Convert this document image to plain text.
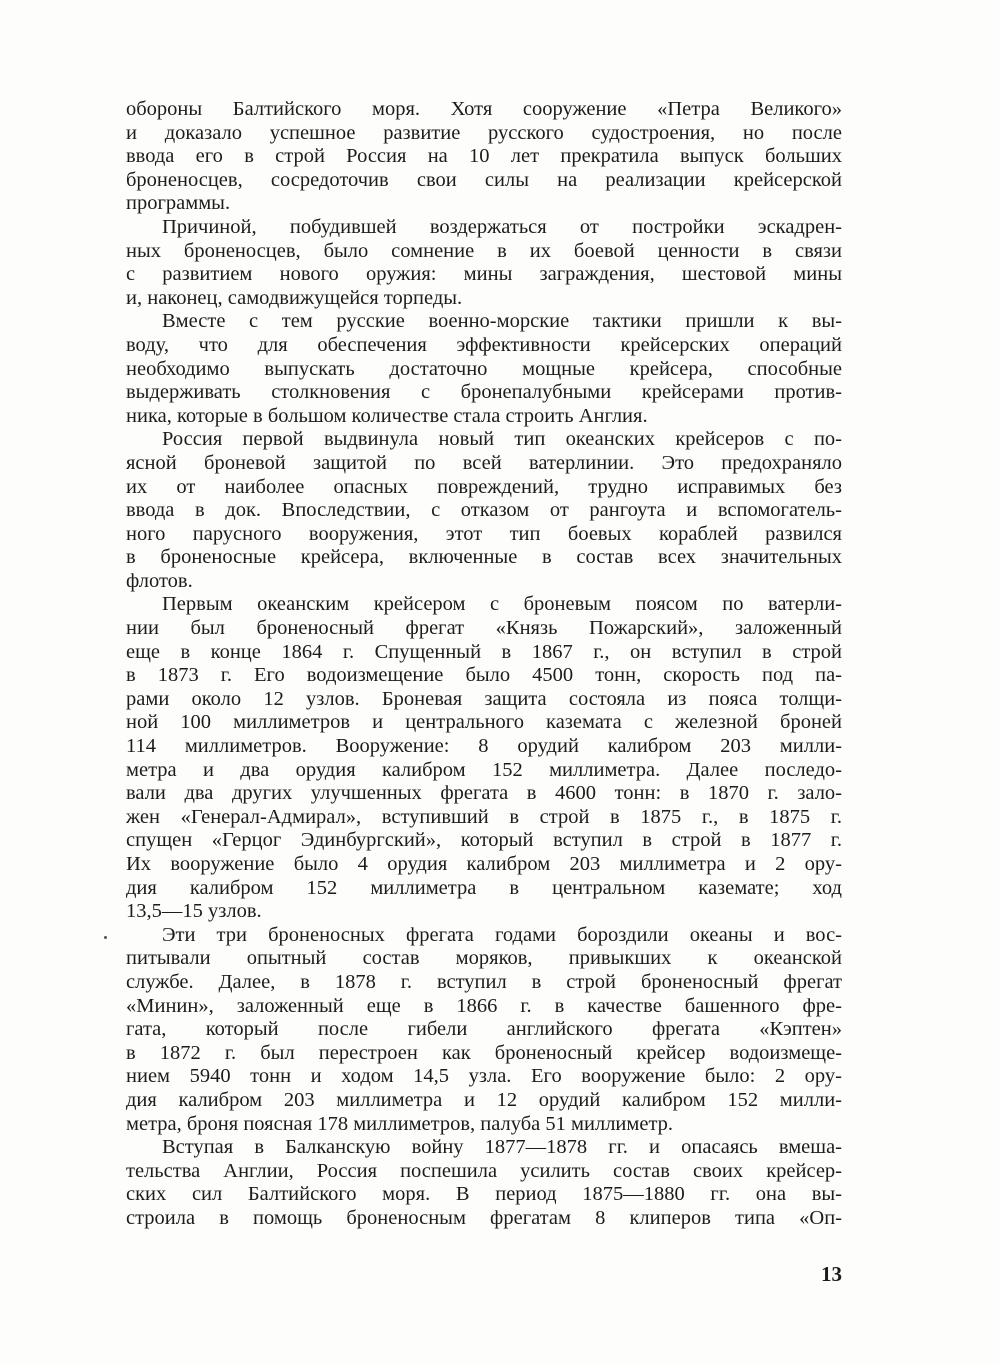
обороны Балтийского моря. Хотя сооружение «Петра Великого»
и доказало успешное развитие русского судостроения, но после
ввода его в строй Россия на 10 лет прекратила выпуск больших
броненосцев, сосредоточив свои силы на реализации крейсерской
программы.
Причиной, побудившей воздержаться от постройки эскадрен-
ных броненосцев, было сомнение в их боевой ценности в связи
с развитием нового оружия: мины заграждения, шестовой мины
и, наконец, самодвижущейся торпеды.
Вместе с тем русские военно-морские тактики пришли к вы-
воду, что для обеспечения эффективности крейсерских операций
необходимо выпускать достаточно мощные крейсера, способные
выдерживать столкновения с бронепалубными крейсерами против-
ника, которые в большом количестве стала строить Англия.
Россия первой выдвинула новый тип океанских крейсеров с по-
ясной броневой защитой по всей ватерлинии. Это предохраняло
их от наиболее опасных повреждений, трудно исправимых без
ввода в док. Впоследствии, с отказом от рангоута и вспомогатель-
ного парусного вооружения, этот тип боевых кораблей развился
в броненосные крейсера, включенные в состав всех значительных
флотов.
Первым океанским крейсером с броневым поясом по ватерли-
нии был броненосный фрегат «Князь Пожарский», заложенный
еще в конце 1864 г. Спущенный в 1867 г., он вступил в строй
в 1873 г. Его водоизмещение было 4500 тонн, скорость под па-
рами около 12 узлов. Броневая защита состояла из пояса толщи-
ной 100 миллиметров и центрального каземата с железной броней
114 миллиметров. Вооружение: 8 орудий калибром 203 милли-
метра и два орудия калибром 152 миллиметра. Далее последо-
вали два других улучшенных фрегата в 4600 тонн: в 1870 г. зало-
жен «Генерал-Адмирал», вступивший в строй в 1875 г., в 1875 г.
спущен «Герцог Эдинбургский», который вступил в строй в 1877 г.
Их вооружение было 4 орудия калибром 203 миллиметра и 2 ору-
дия калибром 152 миллиметра в центральном каземате; ход
13,5—15 узлов.
Эти три броненосных фрегата годами бороздили океаны и вос-
питывали опытный состав моряков, привыкших к океанской
службе. Далее, в 1878 г. вступил в строй броненосный фрегат
«Минин», заложенный еще в 1866 г. в качестве башенного фре-
гата, который после гибели английского фрегата «Кэптен»
в 1872 г. был перестроен как броненосный крейсер водоизмеще-
нием 5940 тонн и ходом 14,5 узла. Его вооружение было: 2 ору-
дия калибром 203 миллиметра и 12 орудий калибром 152 милли-
метра, броня поясная 178 миллиметров, палуба 51 миллиметр.
Вступая в Балканскую войну 1877—1878 гг. и опасаясь вмеша-
тельства Англии, Россия поспешила усилить состав своих крейсер-
ских сил Балтийского моря. В период 1875—1880 гг. она вы-
строила в помощь броненосным фрегатам 8 клиперов типа «Оп-
13
